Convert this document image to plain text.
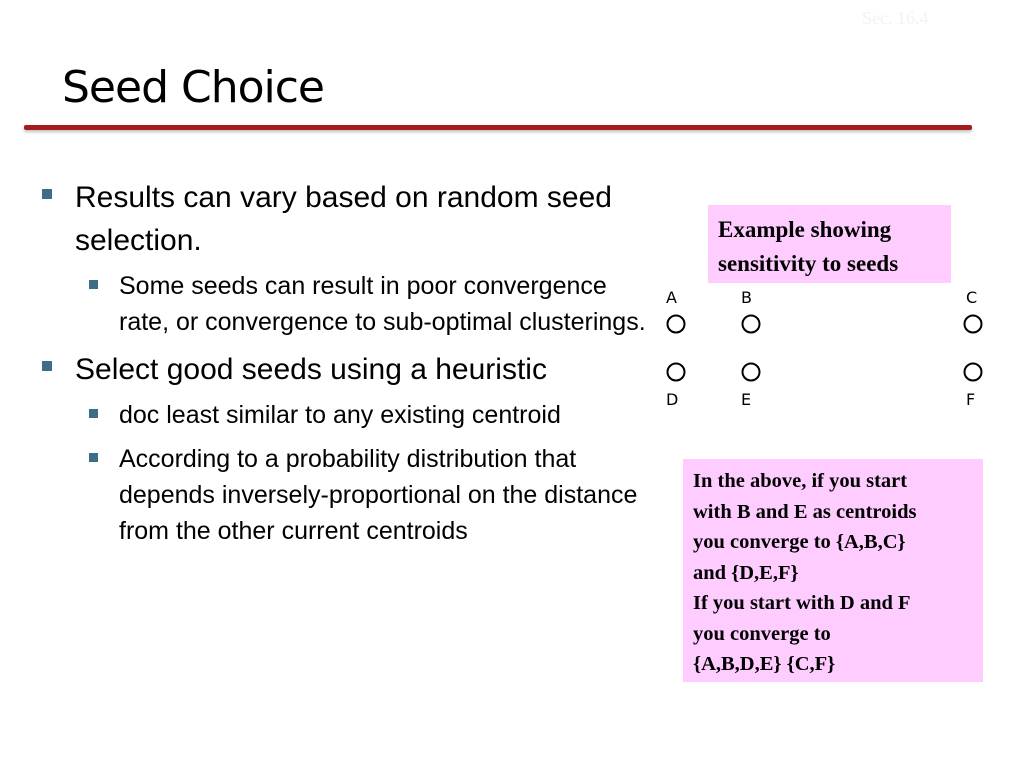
Sec. 16.4
Seed Choice
Results can vary based on random seed selection.
Some seeds can result in poor convergence rate, or convergence to sub-optimal clusterings.
Select good seeds using a heuristic
doc least similar to any existing centroid
According to a probability distribution that depends inversely-proportional on the distance from the other current centroids
Example showing sensitivity to seeds
A	B	C
D	E	F
In the above, if you start
with B and E as centroids
you converge to {A,B,C}
and {D,E,F}
If you start with D and F
you converge to
{A,B,D,E} {C,F}
